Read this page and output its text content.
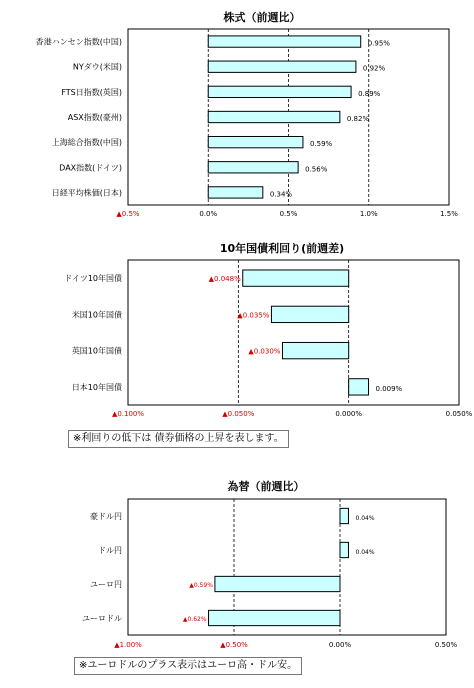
株式（前週比）
▲0.5%	0.0%	0.5%	1.0%	1.5%
香港ハンセン指数(中国)	0.95%
NYダウ(米国)	0.92%
FTS日指数(英国)	0.89%
ASX指数(豪州)	0.82%
上海総合指数(中国)	0.59%
DAX指数(ドイツ)	0.56%
日経平均株価(日本)	0.34%
10年国債利回り(前週差)
▲0.100%	▲0.050%	0.000%	0.050%
ドイツ10年国債	▲0.048%
米国10年国債	▲0.035%
英国10年国債	▲0.030%
日本10年国債	0.009%
為替（前週比）
▲1.00%	▲0.50%	0.00%	0.50%
豪ドル円	0.04%
ドル円	0.04%
ユーロ円	▲0.59%
ユーロドル	▲0.62%
※利回りの低下は 債券価格の上昇を表します。
※ユーロドルのプラス表示はユーロ高・ドル安。
